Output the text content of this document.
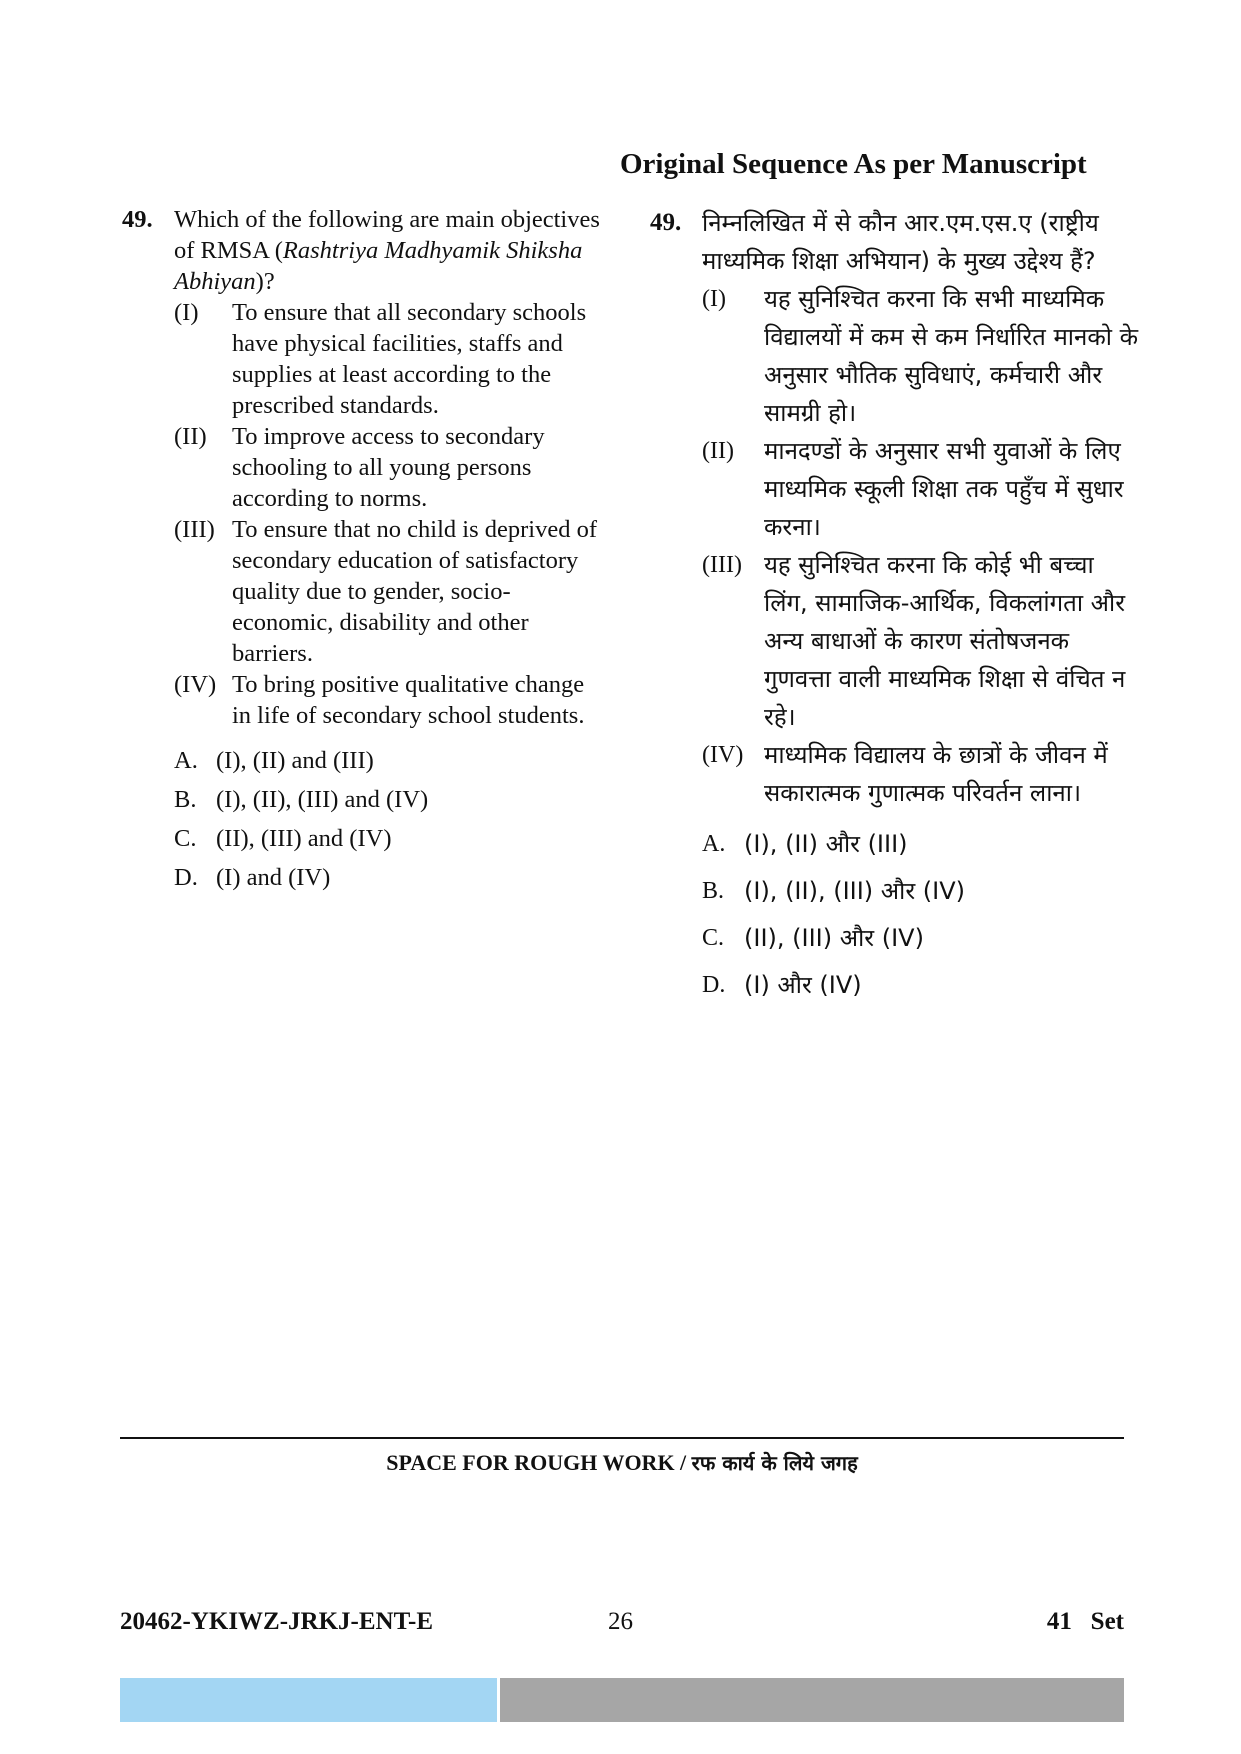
Original Sequence As per Manuscript
49. Which of the following are main objectives of RMSA (Rashtriya Madhyamik Shiksha Abhiyan)?
(I)	To ensure that all secondary schools have physical facilities, staffs and supplies at least according to the prescribed standards.
(II)	To improve access to secondary schooling to all young persons according to norms.
(III) To ensure that no child is deprived of secondary education of satisfactory quality due to gender, socio-economic, disability and other barriers.
(IV) To bring positive qualitative change in life of secondary school students.
A. (I), (II) and (III)
B. (I), (II), (III) and (IV)
C. (II), (III) and (IV)
D. (I) and (IV)
49. निम्नलिखित में से कौन आर.एम.एस.ए (राष्ट्रीय माध्यमिक शिक्षा अभियान) के मुख्य उद्देश्य हैं?
(I)	यह सुनिश्चित करना कि सभी माध्यमिक विद्यालयों में कम से कम निर्धारित मानको के अनुसार भौतिक सुविधाएं, कर्मचारी और सामग्री हो।
(II)	मानदण्डों के अनुसार सभी युवाओं के लिए माध्यमिक स्कूली शिक्षा तक पहुँच में सुधार करना।
(III) यह सुनिश्चित करना कि कोई भी बच्चा लिंग, सामाजिक-आर्थिक, विकलांगता और अन्य बाधाओं के कारण संतोषजनक गुणवत्ता वाली माध्यमिक शिक्षा से वंचित न रहे।
(IV) माध्यमिक विद्यालय के छात्रों के जीवन में सकारात्मक गुणात्मक परिवर्तन लाना।
A. (I), (II) और (III)
B. (I), (II), (III) और (IV)
C. (II), (III) और (IV)
D. (I) और (IV)
SPACE FOR ROUGH WORK / रफ कार्य के लिये जगह
20462-YKIWZ-JRKJ-ENT-E	26	41   Set
